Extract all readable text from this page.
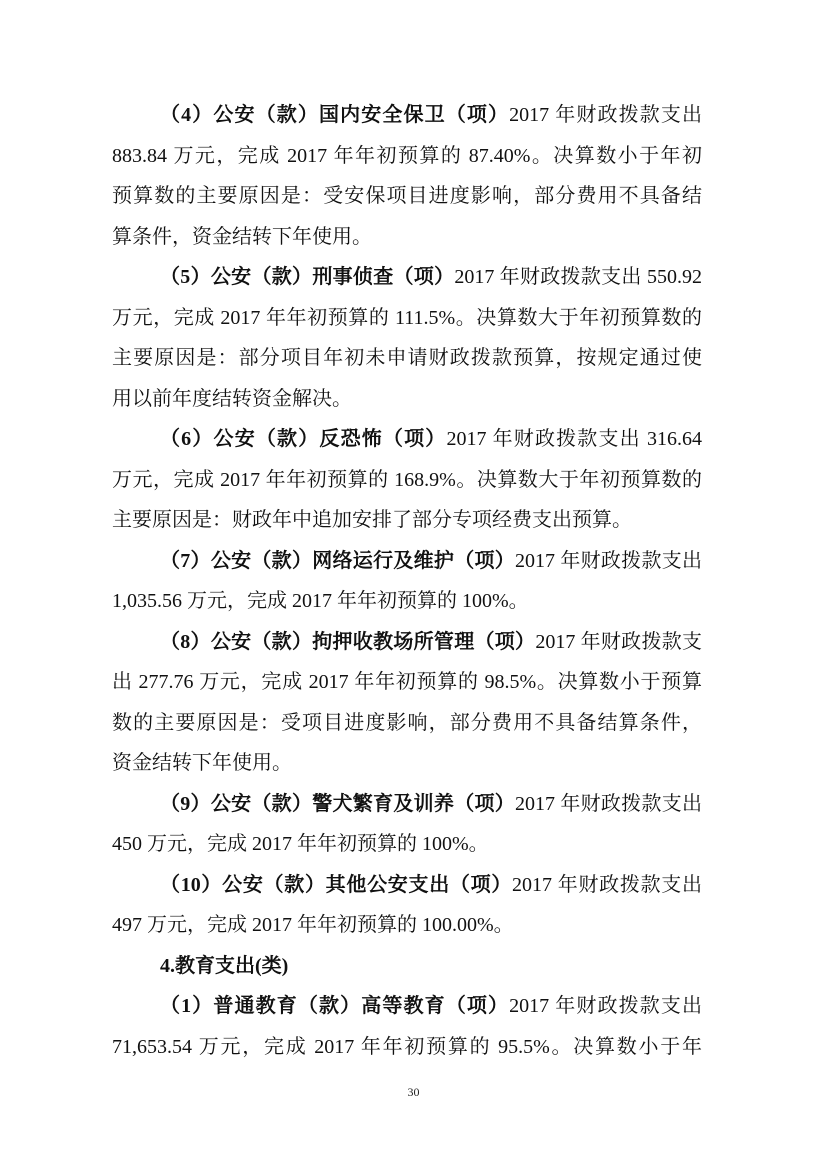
（4）公安（款）国内安全保卫（项）2017 年财政拨款支出
883.84 万元，完成 2017 年年初预算的 87.40%。决算数小于年初
预算数的主要原因是：受安保项目进度影响，部分费用不具备结
算条件，资金结转下年使用。
（5）公安（款）刑事侦查（项）2017 年财政拨款支出 550.92
万元，完成 2017 年年初预算的 111.5%。决算数大于年初预算数的
主要原因是：部分项目年初未申请财政拨款预算，按规定通过使
用以前年度结转资金解决。
（6）公安（款）反恐怖（项）2017 年财政拨款支出 316.64
万元，完成 2017 年年初预算的 168.9%。决算数大于年初预算数的
主要原因是：财政年中追加安排了部分专项经费支出预算。
（7）公安（款）网络运行及维护（项）2017 年财政拨款支出
1,035.56 万元，完成 2017 年年初预算的 100%。
（8）公安（款）拘押收教场所管理（项）2017 年财政拨款支
出 277.76 万元，完成 2017 年年初预算的 98.5%。决算数小于预算
数的主要原因是：受项目进度影响，部分费用不具备结算条件，
资金结转下年使用。
（9）公安（款）警犬繁育及训养（项）2017 年财政拨款支出
450 万元，完成 2017 年年初预算的 100%。
（10）公安（款）其他公安支出（项）2017 年财政拨款支出
497 万元，完成 2017 年年初预算的 100.00%。
4.教育支出(类)
（1）普通教育（款）高等教育（项）2017 年财政拨款支出
71,653.54 万元，完成 2017 年年初预算的 95.5%。决算数小于年
30
